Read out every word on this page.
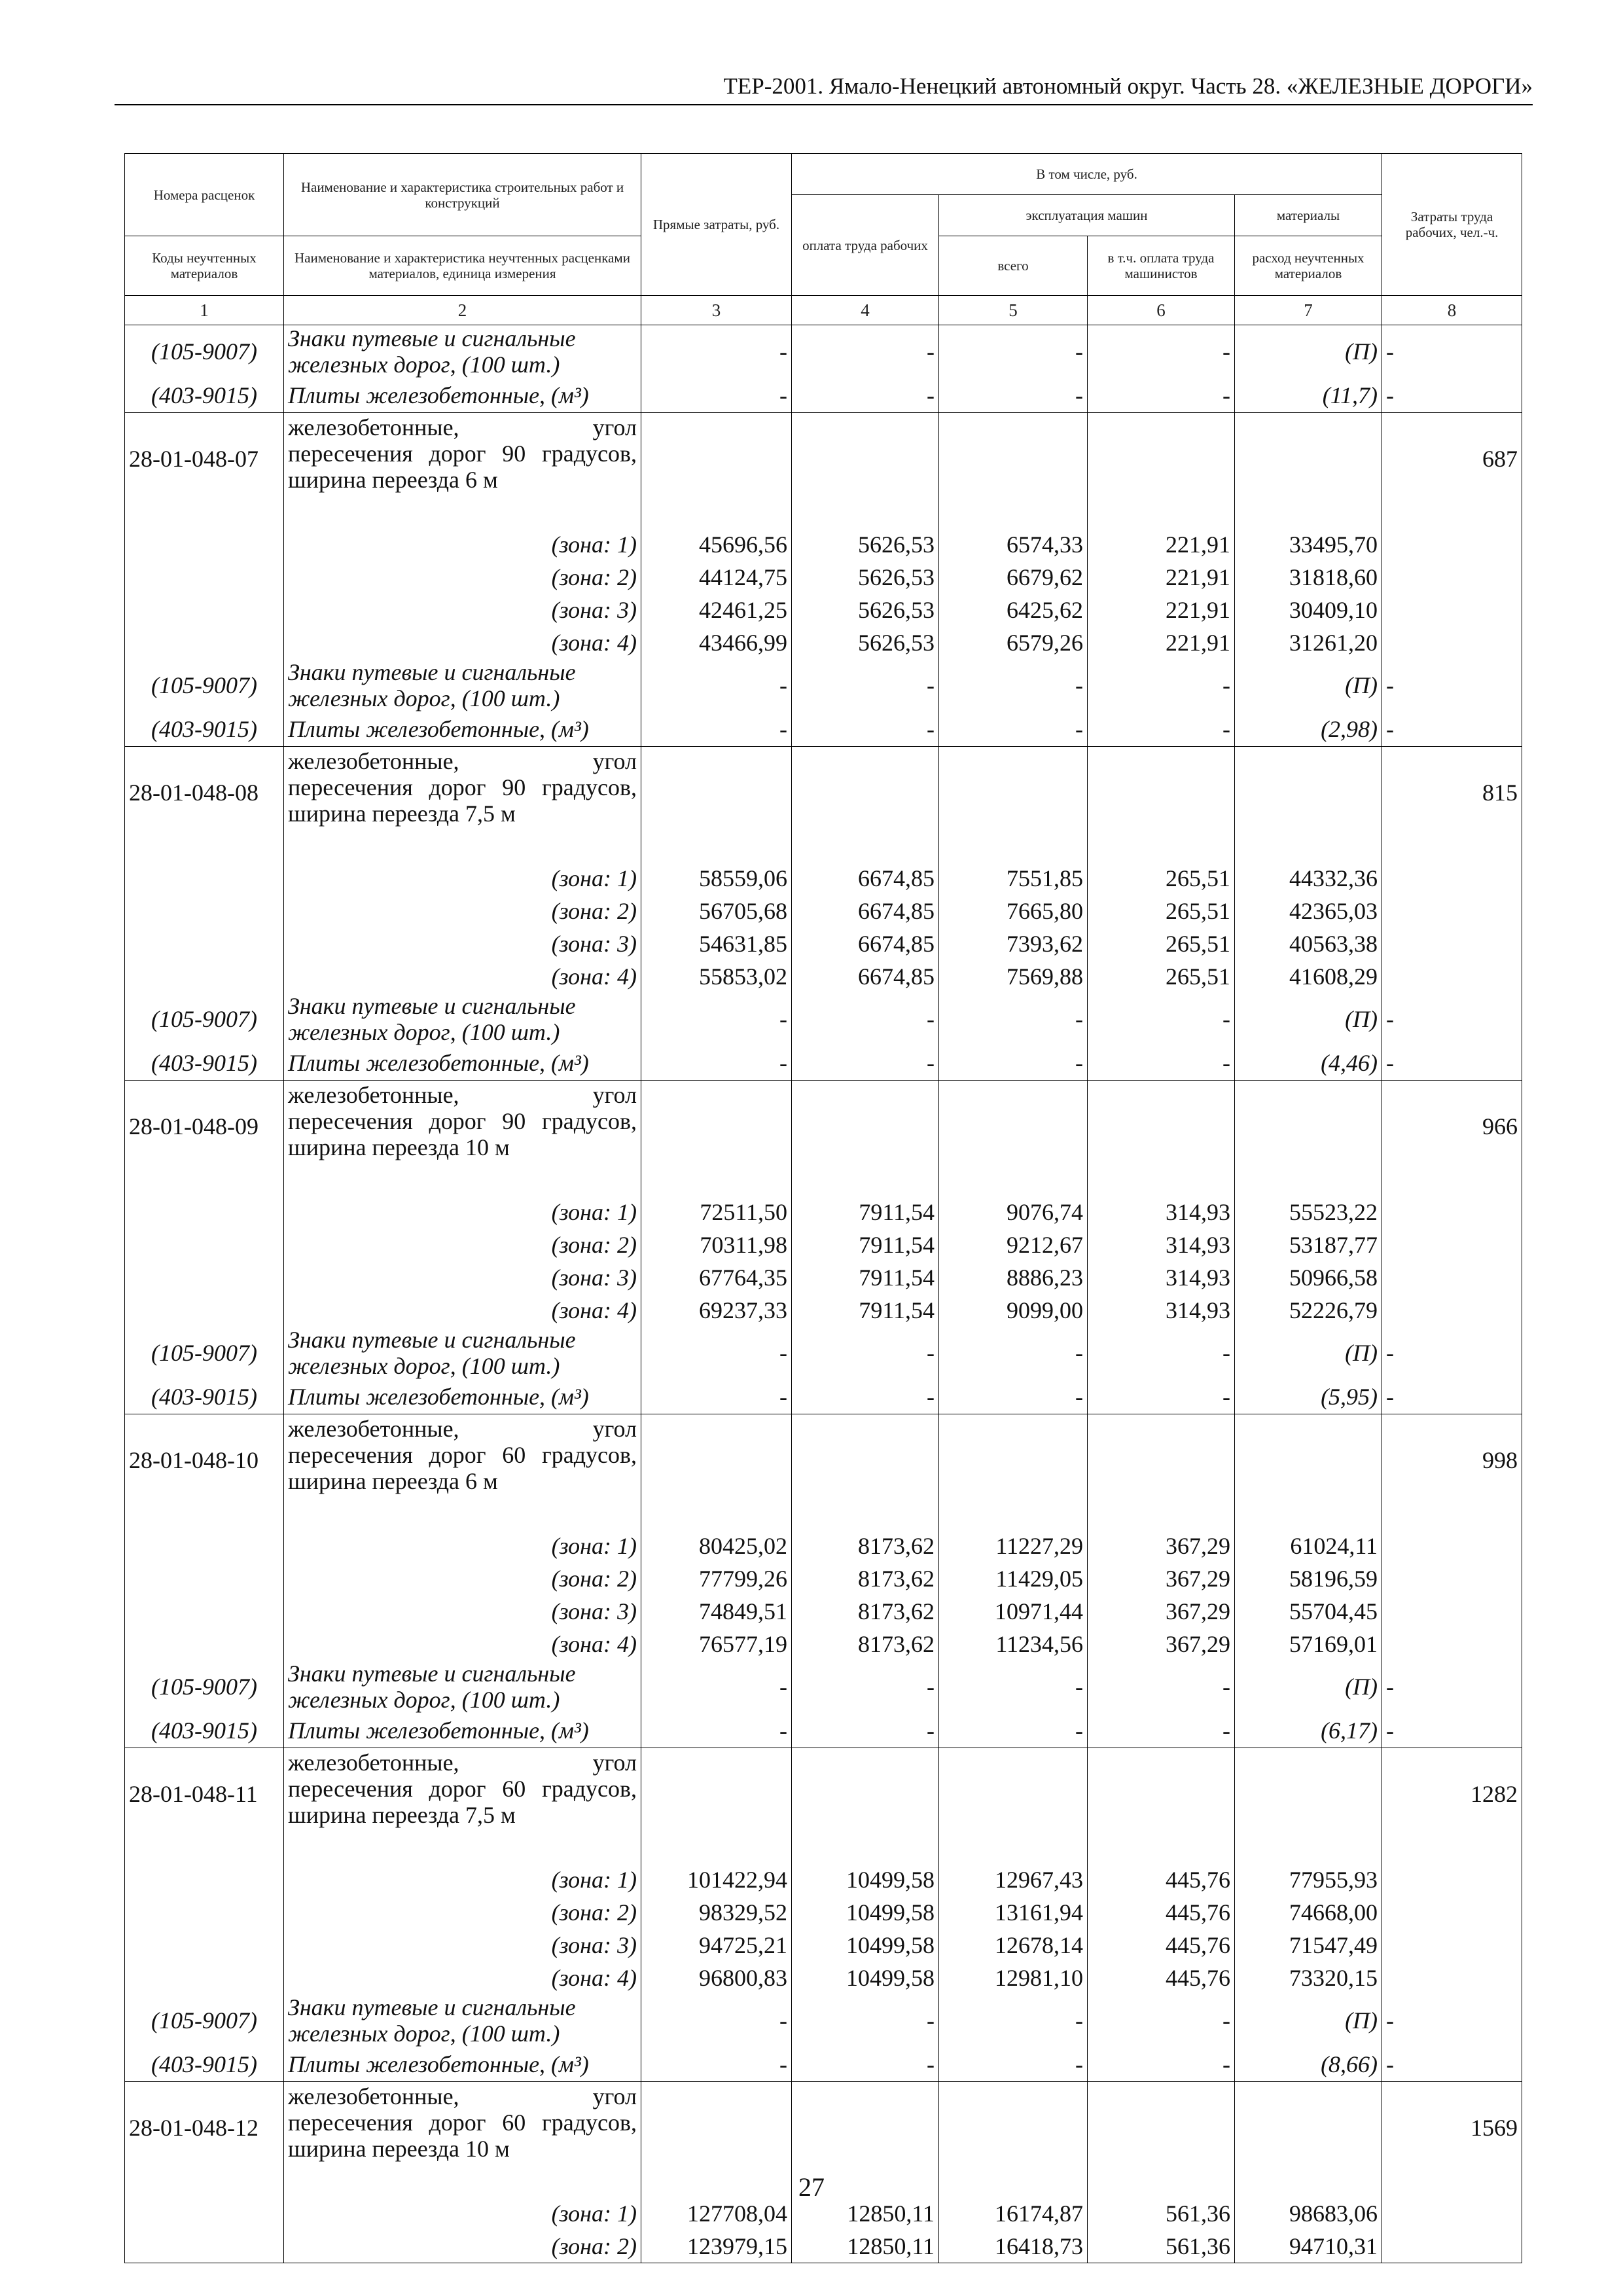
ТЕР-2001. Ямало-Ненецкий автономный округ. Часть 28. «ЖЕЛЕЗНЫЕ ДОРОГИ»
Номера расценок	Наименование и характеристика строительных работ и конструкций	Прямые затраты, руб.	В том числе, руб.				Затраты труда рабочих, чел.-ч.
			оплата труда рабочих	эксплуатация машин		материалы	
Коды неучтенных материалов	Наименование и характеристика неучтенных расценками материалов, единица измерения			всего	в т.ч. оплата труда машинистов	расход неучтенных материалов	
1	2	3	4	5	6	7	8
(105-9007)	Знаки путевые и сигнальные железных дорог, (100 шт.)	-	-	-	-	(П)	-
(403-9015)	Плиты железобетонные, (м³)	-	-	-	-	(11,7)	-
28-01-048-07	железобетонные, угол пересечения дорог 90 градусов, ширина переезда 6 м						687
	(зона: 1)	45696,56	5626,53	6574,33	221,91	33495,70	
	(зона: 2)	44124,75	5626,53	6679,62	221,91	31818,60	
	(зона: 3)	42461,25	5626,53	6425,62	221,91	30409,10	
	(зона: 4)	43466,99	5626,53	6579,26	221,91	31261,20	
(105-9007)	Знаки путевые и сигнальные железных дорог, (100 шт.)	-	-	-	-	(П)	-
(403-9015)	Плиты железобетонные, (м³)	-	-	-	-	(2,98)	-
28-01-048-08	железобетонные, угол пересечения дорог 90 градусов, ширина переезда 7,5 м						815
	(зона: 1)	58559,06	6674,85	7551,85	265,51	44332,36	
	(зона: 2)	56705,68	6674,85	7665,80	265,51	42365,03	
	(зона: 3)	54631,85	6674,85	7393,62	265,51	40563,38	
	(зона: 4)	55853,02	6674,85	7569,88	265,51	41608,29	
(105-9007)	Знаки путевые и сигнальные железных дорог, (100 шт.)	-	-	-	-	(П)	-
(403-9015)	Плиты железобетонные, (м³)	-	-	-	-	(4,46)	-
28-01-048-09	железобетонные, угол пересечения дорог 90 градусов, ширина переезда 10 м						966
	(зона: 1)	72511,50	7911,54	9076,74	314,93	55523,22	
	(зона: 2)	70311,98	7911,54	9212,67	314,93	53187,77	
	(зона: 3)	67764,35	7911,54	8886,23	314,93	50966,58	
	(зона: 4)	69237,33	7911,54	9099,00	314,93	52226,79	
(105-9007)	Знаки путевые и сигнальные железных дорог, (100 шт.)	-	-	-	-	(П)	-
(403-9015)	Плиты железобетонные, (м³)	-	-	-	-	(5,95)	-
28-01-048-10	железобетонные, угол пересечения дорог 60 градусов, ширина переезда 6 м						998
	(зона: 1)	80425,02	8173,62	11227,29	367,29	61024,11	
	(зона: 2)	77799,26	8173,62	11429,05	367,29	58196,59	
	(зона: 3)	74849,51	8173,62	10971,44	367,29	55704,45	
	(зона: 4)	76577,19	8173,62	11234,56	367,29	57169,01	
(105-9007)	Знаки путевые и сигнальные железных дорог, (100 шт.)	-	-	-	-	(П)	-
(403-9015)	Плиты железобетонные, (м³)	-	-	-	-	(6,17)	-
28-01-048-11	железобетонные, угол пересечения дорог 60 градусов, ширина переезда 7,5 м						1282
	(зона: 1)	101422,94	10499,58	12967,43	445,76	77955,93	
	(зона: 2)	98329,52	10499,58	13161,94	445,76	74668,00	
	(зона: 3)	94725,21	10499,58	12678,14	445,76	71547,49	
	(зона: 4)	96800,83	10499,58	12981,10	445,76	73320,15	
(105-9007)	Знаки путевые и сигнальные железных дорог, (100 шт.)	-	-	-	-	(П)	-
(403-9015)	Плиты железобетонные, (м³)	-	-	-	-	(8,66)	-
28-01-048-12	железобетонные, угол пересечения дорог 60 градусов, ширина переезда 10 м						1569
	(зона: 1)	127708,04	12850,11	16174,87	561,36	98683,06	
	(зона: 2)	123979,15	12850,11	16418,73	561,36	94710,31	
27
